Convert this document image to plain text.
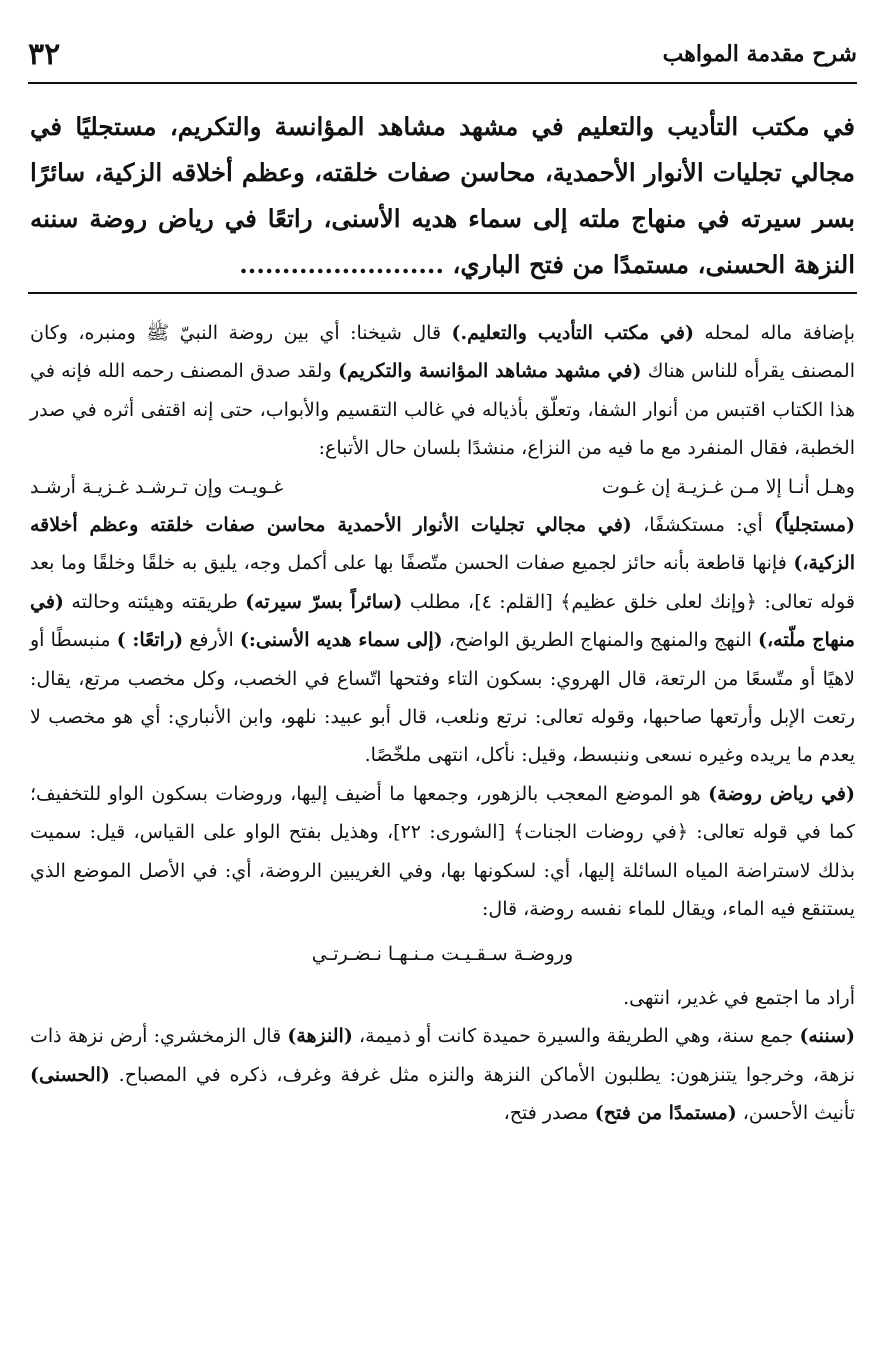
شرح مقدمة المواهب
٣٢

في مكتب التأديب والتعليم في مشهد مشاهد المؤانسة والتكريم، مستجليًا في مجالي تجليات الأنوار الأحمدية، محاسن صفات خلقته، وعظم أخلاقه الزكية، سائرًا بسر سيرته في منهاج ملته إلى سماء هديه الأسنى، راتعًا في رياض روضة سننه النزهة الحسنى، مستمدًا من فتح الباري، ........................

بإضافة ماله لمحله (في مكتب التأديب والتعليم.) قال شيخنا: أي بين روضة النبيّ ﷺ ومنبره، وكان المصنف يقرأه للناس هناك (في مشهد مشاهد المؤانسة والتكريم) ولقد صدق المصنف رحمه الله فإنه في هذا الكتاب اقتبس من أنوار الشفا، وتعلّق بأذياله في غالب التقسيم والأبواب، حتى إنه اقتفى أثره في صدر الخطبة، فقال المنفرد مع ما فيه من النزاع، منشدًا بلسان حال الأتباع:

وهـل أنـا إلا مـن غـزيـة إن غـوت
غـويـت وإن تـرشـد غـزيـة أرشـد

(مستجلياً) أي: مستكشفًا، (في مجالي تجليات الأنوار الأحمدية محاسن صفات خلقته وعظم أخلاقه الزكية،) فإنها قاطعة بأنه حائز لجميع صفات الحسن متّصفًا بها على أكمل وجه، يليق به خلقًا وخلقًا وما بعد قوله تعالى: ﴿وإنك لعلى خلق عظيم﴾ [القلم: ٤]، مطلب (سائراً بسرّ سيرته) طريقته وهيئته وحالته (في منهاج ملّته،) النهج والمنهج والمنهاج الطريق الواضح، (إلى سماء هديه الأسنى:) الأرفع (راتعًا: ) منبسطًا أو لاهيًا أو متّسعًا من الرتعة، قال الهروي: بسكون التاء وفتحها اتّساع في الخصب، وكل مخصب مرتع، يقال: رتعت الإبل وأرتعها صاحبها، وقوله تعالى: نرتع ونلعب، قال أبو عبيد: نلهو، وابن الأنباري: أي هو مخصب لا يعدم ما يريده وغيره نسعى وننبسط، وقيل: نأكل، انتهى ملخّصًا.

(في رياض روضة) هو الموضع المعجب بالزهور، وجمعها ما أضيف إليها، وروضات بسكون الواو للتخفيف؛ كما في قوله تعالى: ﴿في روضات الجنات﴾ [الشورى: ٢٢]، وهذيل بفتح الواو على القياس، قيل: سميت بذلك لاستراضة المياه السائلة إليها، أي: لسكونها بها، وفي الغريبين الروضة، أي: في الأصل الموضع الذي يستنقع فيه الماء، ويقال للماء نفسه روضة، قال:

وروضـة سـقـيـت مـنـهـا نـضـرتـي

أراد ما اجتمع في غدير، انتهى.

(سننه) جمع سنة، وهي الطريقة والسيرة حميدة كانت أو ذميمة، (النزهة) قال الزمخشري: أرض نزهة ذات نزهة، وخرجوا يتنزهون: يطلبون الأماكن النزهة والنزه مثل غرفة وغرف، ذكره في المصباح. (الحسنى) تأنيث الأحسن، (مستمدًا من فتح) مصدر فتح،
